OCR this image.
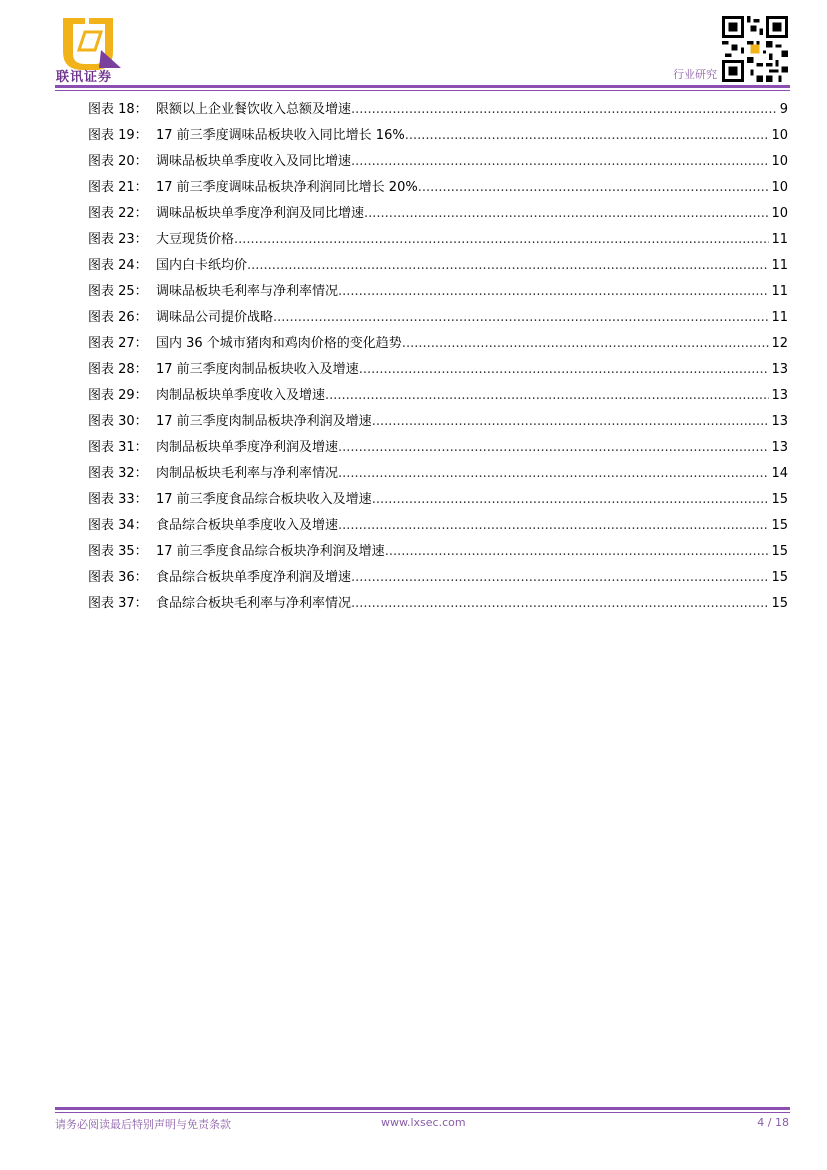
联讯证券	行业研究
图表 18： 限额以上企业餐饮收入总额及增速 .....	9
图表 19： 17 前三季度调味品板块收入同比增长 16% .....	10
图表 20： 调味品板块单季度收入及同比增速 .....	10
图表 21： 17 前三季度调味品板块净利润同比增长 20% .....	10
图表 22： 调味品板块单季度净利润及同比增速 .....	10
图表 23： 大豆现货价格 .....	11
图表 24： 国内白卡纸均价 .....	11
图表 25： 调味品板块毛利率与净利率情况 .....	11
图表 26： 调味品公司提价战略 .....	11
图表 27： 国内 36 个城市猪肉和鸡肉价格的变化趋势 .....	12
图表 28： 17 前三季度肉制品板块收入及增速 .....	13
图表 29： 肉制品板块单季度收入及增速 .....	13
图表 30： 17 前三季度肉制品板块净利润及增速 .....	13
图表 31： 肉制品板块单季度净利润及增速 .....	13
图表 32： 肉制品板块毛利率与净利率情况 .....	14
图表 33： 17 前三季度食品综合板块收入及增速 .....	15
图表 34： 食品综合板块单季度收入及增速 .....	15
图表 35： 17 前三季度食品综合板块净利润及增速 .....	15
图表 36： 食品综合板块单季度净利润及增速 .....	15
图表 37： 食品综合板块毛利率与净利率情况 .....	15
请务必阅读最后特别声明与免责条款	www.lxsec.com	4 / 18
